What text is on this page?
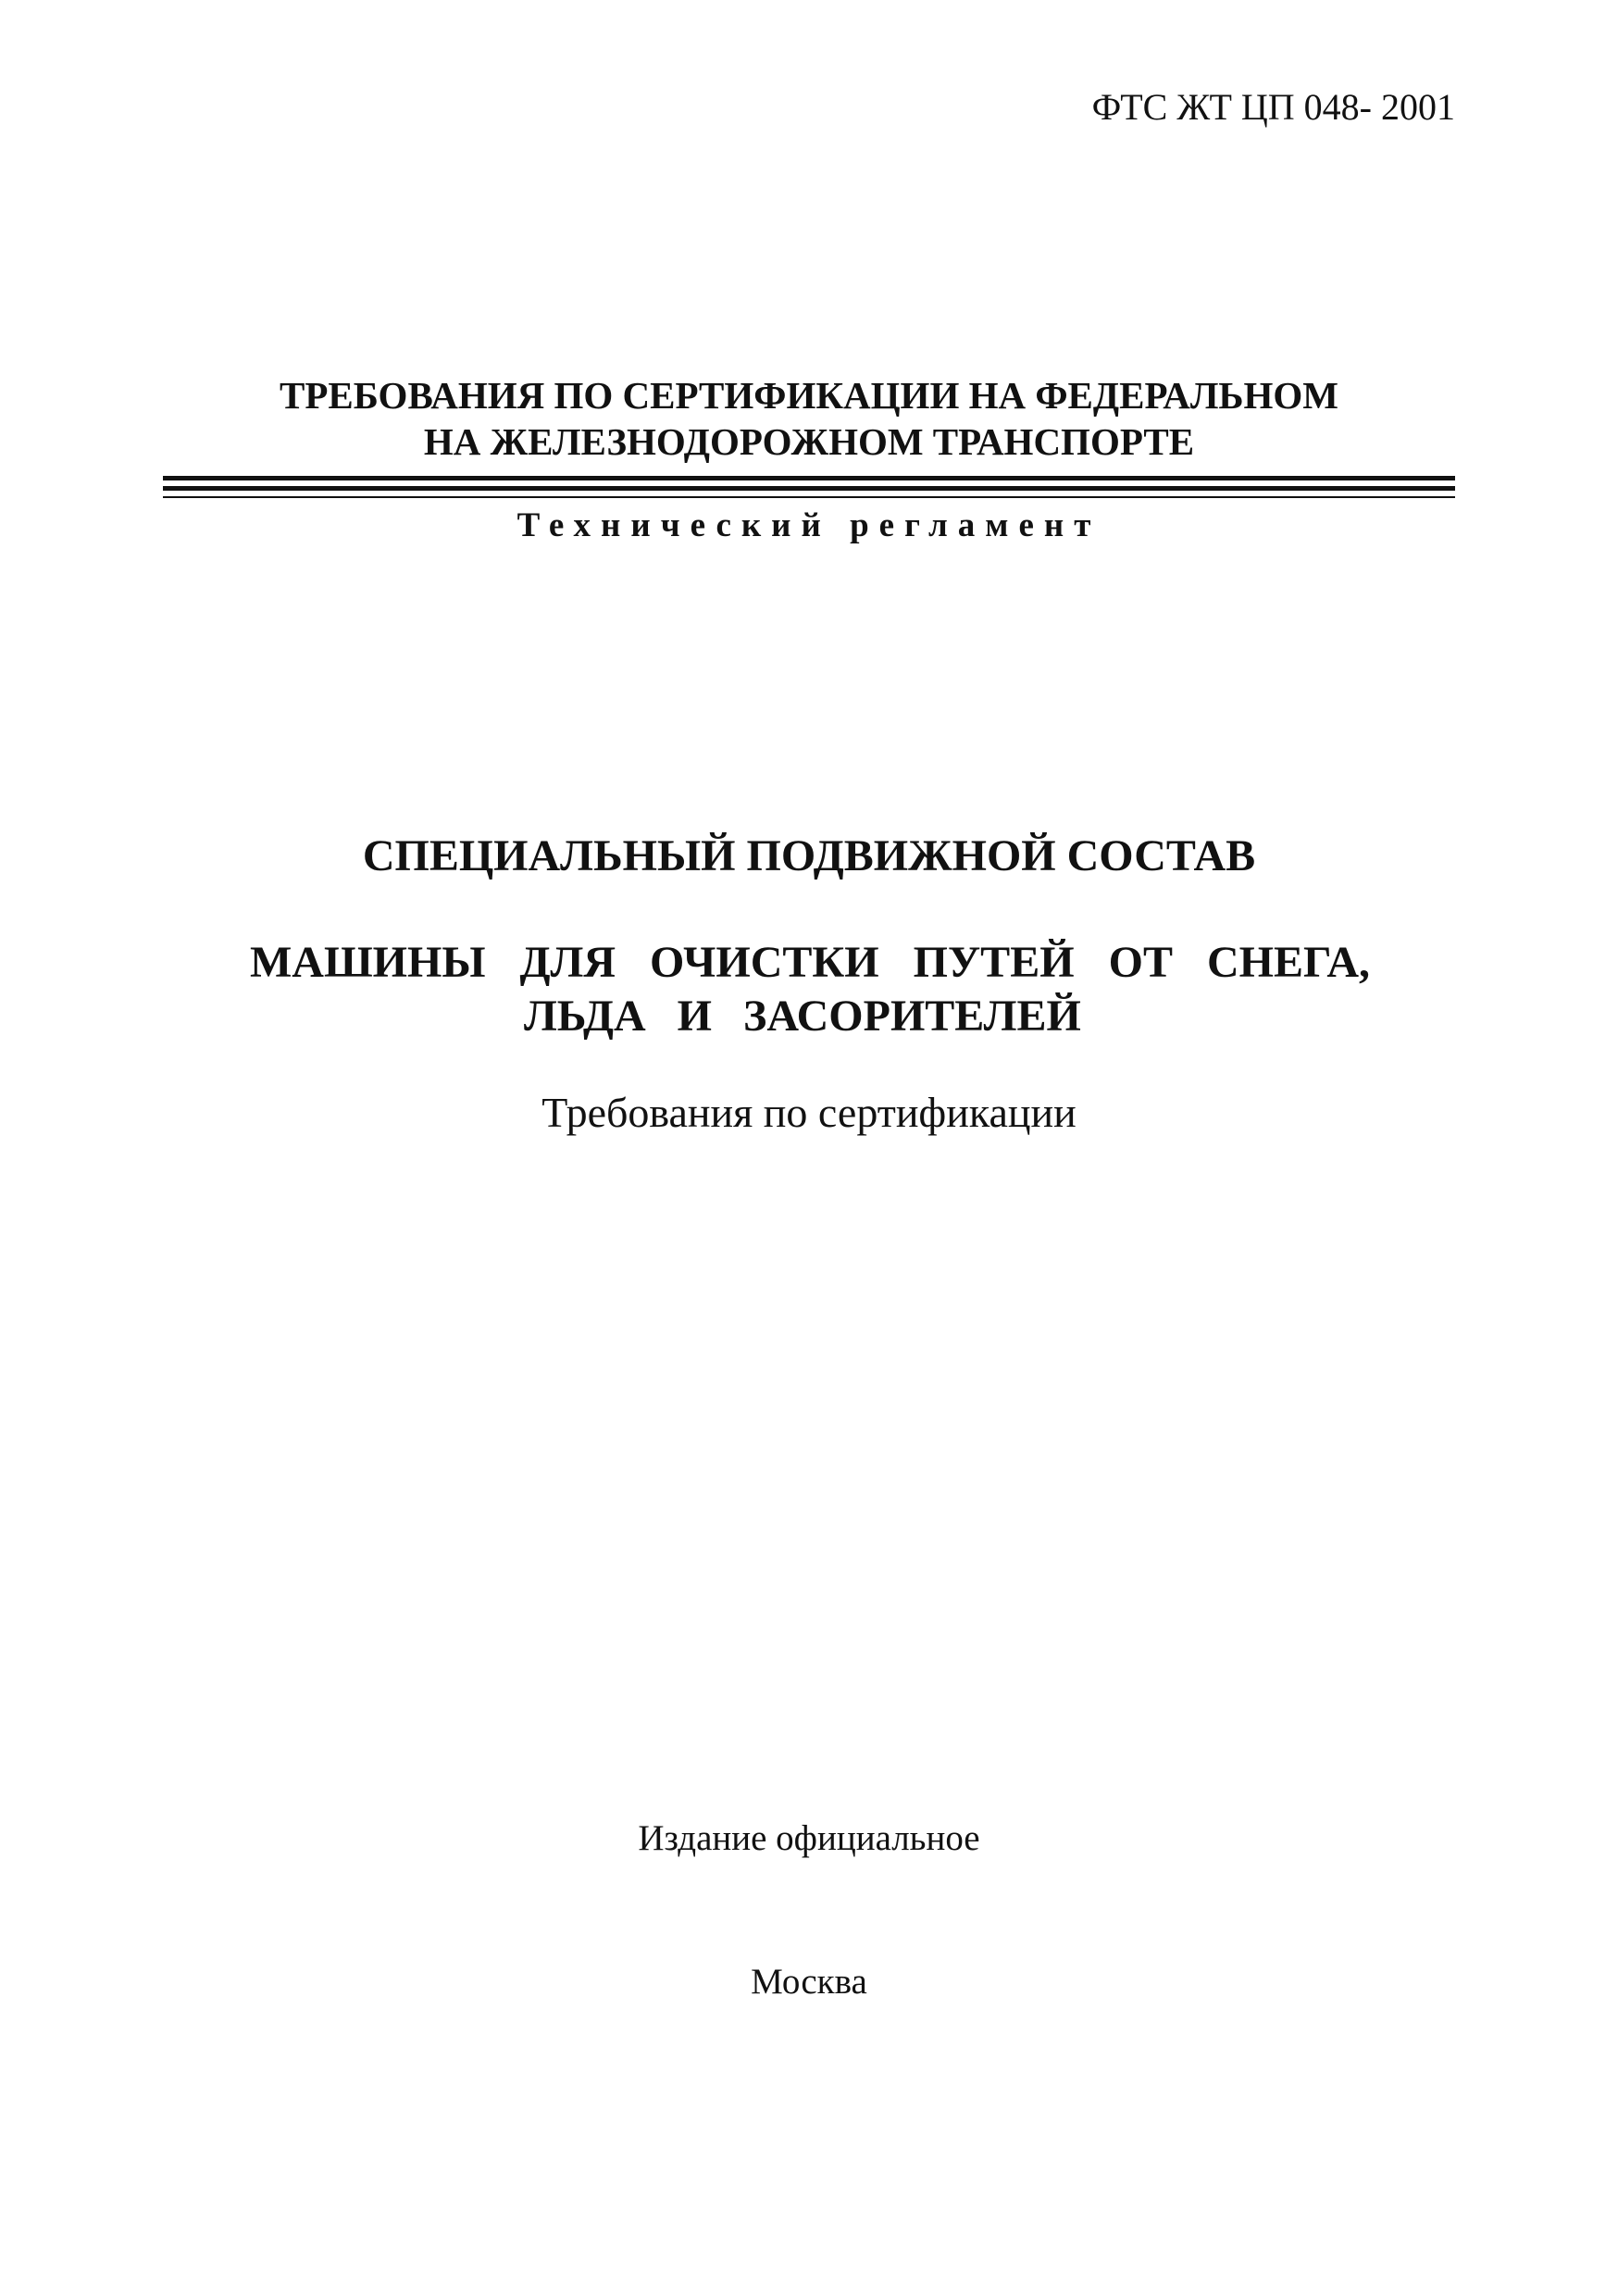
ФТС ЖТ ЦП 048- 2001
ТРЕБОВАНИЯ ПО СЕРТИФИКАЦИИ НА ФЕДЕРАЛЬНОМ
НА ЖЕЛЕЗНОДОРОЖНОМ ТРАНСПОРТЕ
Технический регламент
СПЕЦИАЛЬНЫЙ ПОДВИЖНОЙ СОСТАВ
МАШИНЫ ДЛЯ ОЧИСТКИ ПУТЕЙ ОТ СНЕГА,
ЛЬДА И ЗАСОРИТЕЛЕЙ
Требования по сертификации
Издание официальное
Москва
